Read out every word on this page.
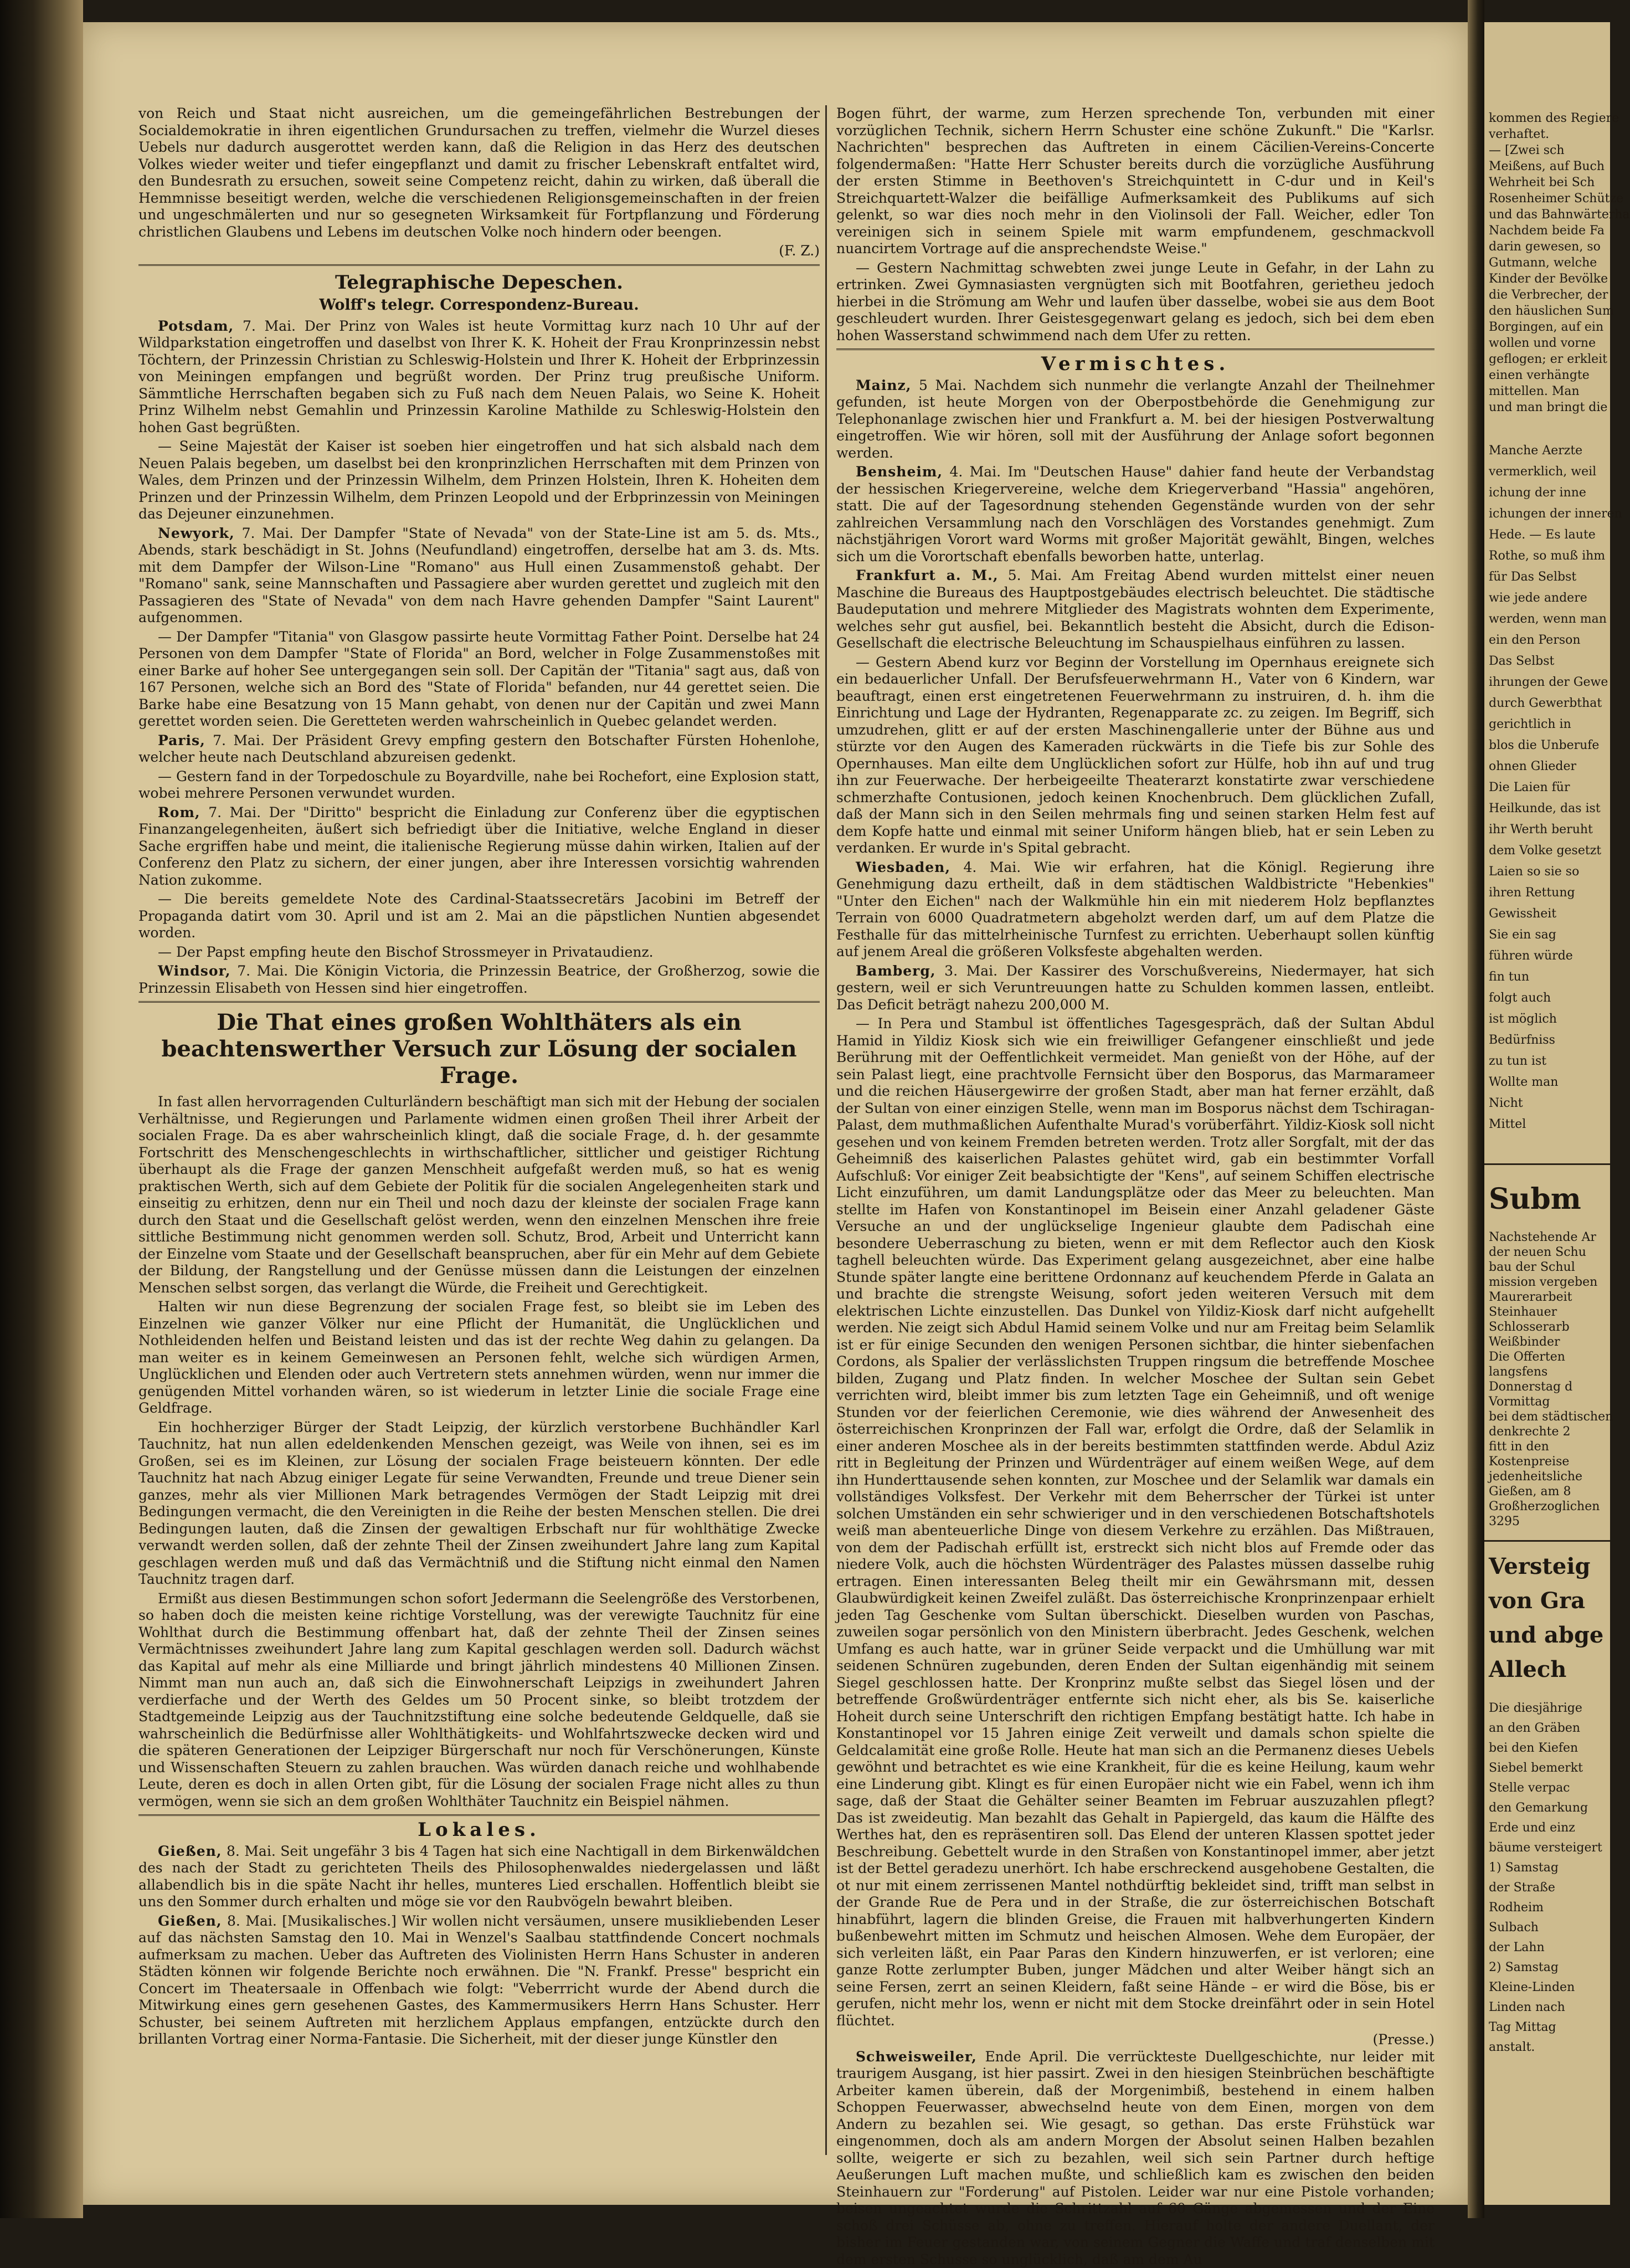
von Reich und Staat nicht ausreichen, um die gemeingefährlichen Bestrebungen der Socialdemokratie in ihren eigentlichen Grundursachen zu treffen, vielmehr die Wurzel dieses Uebels nur dadurch ausgerottet werden kann, daß die Religion in das Herz des deutschen Volkes wieder weiter und tiefer eingepflanzt und damit zu frischer Lebenskraft entfaltet wird, den Bundesrath zu ersuchen, soweit seine Competenz reicht, dahin zu wirken, daß überall die Hemmnisse beseitigt werden, welche die verschiedenen Religionsgemeinschaften in der freien und ungeschmälerten und nur so gesegneten Wirksamkeit für Fortpflanzung und Förderung christlichen Glaubens und Lebens im deutschen Volke noch hindern oder beengen.

(F. Z.)
Telegraphische Depeschen.
Wolff's telegr. Correspondenz-Bureau.

Potsdam, 7. Mai. Der Prinz von Wales ist heute Vormittag kurz nach 10 Uhr auf der Wildparkstation eingetroffen und daselbst von Ihrer K. K. Hoheit der Frau Kronprinzessin nebst Töchtern, der Prinzessin Christian zu Schleswig-Holstein und Ihrer K. Hoheit der Erbprinzessin von Meiningen empfangen und begrüßt worden. Der Prinz trug preußische Uniform. Sämmtliche Herrschaften begaben sich zu Fuß nach dem Neuen Palais, wo Seine K. Hoheit Prinz Wilhelm nebst Gemahlin und Prinzessin Karoline Mathilde zu Schleswig-Holstein den hohen Gast begrüßten.

— Seine Majestät der Kaiser ist soeben hier eingetroffen und hat sich alsbald nach dem Neuen Palais begeben, um daselbst bei den kronprinzlichen Herrschaften mit dem Prinzen von Wales, dem Prinzen und der Prinzessin Wilhelm, dem Prinzen Holstein, Ihren K. Hoheiten dem Prinzen und der Prinzessin Wilhelm, dem Prinzen Leopold und der Erbprinzessin von Meiningen das Dejeuner einzunehmen.

Newyork, 7. Mai. Der Dampfer "State of Nevada" von der State-Line ist am 5. ds. Mts., Abends, stark beschädigt in St. Johns (Neufundland) eingetroffen, derselbe hat am 3. ds. Mts. mit dem Dampfer der Wilson-Line "Romano" aus Hull einen Zusammenstoß gehabt. Der "Romano" sank, seine Mannschaften und Passagiere aber wurden gerettet und zugleich mit den Passagieren des "State of Nevada" von dem nach Havre gehenden Dampfer "Saint Laurent" aufgenommen.

— Der Dampfer "Titania" von Glasgow passirte heute Vormittag Father Point. Derselbe hat 24 Personen von dem Dampfer "State of Florida" an Bord, welcher in Folge Zusammenstoßes mit einer Barke auf hoher See untergegangen sein soll. Der Capitän der "Titania" sagt aus, daß von 167 Personen, welche sich an Bord des "State of Florida" befanden, nur 44 gerettet seien. Die Barke habe eine Besatzung von 15 Mann gehabt, von denen nur der Capitän und zwei Mann gerettet worden seien. Die Geretteten werden wahrscheinlich in Quebec gelandet werden.

Paris, 7. Mai. Der Präsident Grevy empfing gestern den Botschafter Fürsten Hohenlohe, welcher heute nach Deutschland abzureisen gedenkt.

— Gestern fand in der Torpedoschule zu Boyardville, nahe bei Rochefort, eine Explosion statt, wobei mehrere Personen verwundet wurden.

Rom, 7. Mai. Der "Diritto" bespricht die Einladung zur Conferenz über die egyptischen Finanzangelegenheiten, äußert sich befriedigt über die Initiative, welche England in dieser Sache ergriffen habe und meint, die italienische Regierung müsse dahin wirken, Italien auf der Conferenz den Platz zu sichern, der einer jungen, aber ihre Interessen vorsichtig wahrenden Nation zukomme.

— Die bereits gemeldete Note des Cardinal-Staatssecretärs Jacobini im Betreff der Propaganda datirt vom 30. April und ist am 2. Mai an die päpstlichen Nuntien abgesendet worden.

— Der Papst empfing heute den Bischof Strossmeyer in Privataudienz.

Windsor, 7. Mai. Die Königin Victoria, die Prinzessin Beatrice, der Großherzog, sowie die Prinzessin Elisabeth von Hessen sind hier eingetroffen.

Die That eines großen Wohlthäters als ein beachtenswerther Versuch zur Lösung der socialen Frage.

In fast allen hervorragenden Culturländern beschäftigt man sich mit der Hebung der socialen Verhältnisse, und Regierungen und Parlamente widmen einen großen Theil ihrer Arbeit der socialen Frage. Da es aber wahrscheinlich klingt, daß die sociale Frage, d. h. der gesammte Fortschritt des Menschengeschlechts in wirthschaftlicher, sittlicher und geistiger Richtung überhaupt als die Frage der ganzen Menschheit aufgefaßt werden muß, so hat es wenig praktischen Werth, sich auf dem Gebiete der Politik für die socialen Angelegenheiten stark und einseitig zu erhitzen, denn nur ein Theil und noch dazu der kleinste der socialen Frage kann durch den Staat und die Gesellschaft gelöst werden, wenn den einzelnen Menschen ihre freie sittliche Bestimmung nicht genommen werden soll. Schutz, Brod, Arbeit und Unterricht kann der Einzelne vom Staate und der Gesellschaft beanspruchen, aber für ein Mehr auf dem Gebiete der Bildung, der Rangstellung und der Genüsse müssen dann die Leistungen der einzelnen Menschen selbst sorgen, das verlangt die Würde, die Freiheit und Gerechtigkeit.

Halten wir nun diese Begrenzung der socialen Frage fest, so bleibt sie im Leben des Einzelnen wie ganzer Völker nur eine Pflicht der Humanität, die Unglücklichen und Nothleidenden helfen und Beistand leisten und das ist der rechte Weg dahin zu gelangen. Da man weiter es in keinem Gemeinwesen an Personen fehlt, welche sich würdigen Armen, Unglücklichen und Elenden oder auch Vertretern stets annehmen würden, wenn nur immer die genügenden Mittel vorhanden wären, so ist wiederum in letzter Linie die sociale Frage eine Geldfrage.

Ein hochherziger Bürger der Stadt Leipzig, der kürzlich verstorbene Buchhändler Karl Tauchnitz, hat nun allen edeldenkenden Menschen gezeigt, was Weile von ihnen, sei es im Großen, sei es im Kleinen, zur Lösung der socialen Frage beisteuern könnten. Der edle Tauchnitz hat nach Abzug einiger Legate für seine Verwandten, Freunde und treue Diener sein ganzes, mehr als vier Millionen Mark betragendes Vermögen der Stadt Leipzig mit drei Bedingungen vermacht, die den Vereinigten in die Reihe der besten Menschen stellen. Die drei Bedingungen lauten, daß die Zinsen der gewaltigen Erbschaft nur für wohlthätige Zwecke verwandt werden sollen, daß der zehnte Theil der Zinsen zweihundert Jahre lang zum Kapital geschlagen werden muß und daß das Vermächtniß und die Stiftung nicht einmal den Namen Tauchnitz tragen darf.

Ermißt aus diesen Bestimmungen schon sofort Jedermann die Seelengröße des Verstorbenen, so haben doch die meisten keine richtige Vorstellung, was der verewigte Tauchnitz für eine Wohlthat durch die Bestimmung offenbart hat, daß der zehnte Theil der Zinsen seines Vermächtnisses zweihundert Jahre lang zum Kapital geschlagen werden soll. Dadurch wächst das Kapital auf mehr als eine Milliarde und bringt jährlich mindestens 40 Millionen Zinsen. Nimmt man nun auch an, daß sich die Einwohnerschaft Leipzigs in zweihundert Jahren verdierfache und der Werth des Geldes um 50 Procent sinke, so bleibt trotzdem der Stadtgemeinde Leipzig aus der Tauchnitzstiftung eine solche bedeutende Geldquelle, daß sie wahrscheinlich die Bedürfnisse aller Wohlthätigkeits- und Wohlfahrtszwecke decken wird und die späteren Generationen der Leipziger Bürgerschaft nur noch für Verschönerungen, Künste und Wissenschaften Steuern zu zahlen brauchen. Was würden danach reiche und wohlhabende Leute, deren es doch in allen Orten gibt, für die Lösung der socialen Frage nicht alles zu thun vermögen, wenn sie sich an dem großen Wohlthäter Tauchnitz ein Beispiel nähmen.

Lokales.

Gießen, 8. Mai. Seit ungefähr 3 bis 4 Tagen hat sich eine Nachtigall in dem Birkenwäldchen des nach der Stadt zu gerichteten Theils des Philosophenwaldes niedergelassen und läßt allabendlich bis in die späte Nacht ihr helles, munteres Lied erschallen. Hoffentlich bleibt sie uns den Sommer durch erhalten und möge sie vor den Raubvögeln bewahrt bleiben.

Gießen, 8. Mai. [Musikalisches.] Wir wollen nicht versäumen, unsere musikliebenden Leser auf das nächsten Samstag den 10. Mai in Wenzel's Saalbau stattfindende Concert nochmals aufmerksam zu machen. Ueber das Auftreten des Violinisten Herrn Hans Schuster in anderen Städten können wir folgende Berichte noch erwähnen. Die "N. Frankf. Presse" bespricht ein Concert im Theatersaale in Offenbach wie folgt: "Veberrricht wurde der Abend durch die Mitwirkung eines gern gesehenen Gastes, des Kammermusikers Herrn Hans Schuster. Herr Schuster, bei seinem Auftreten mit herzlichem Applaus empfangen, entzückte durch den brillanten Vortrag einer Norma-Fantasie. Die Sicherheit, mit der dieser junge Künstler den

Bogen führt, der warme, zum Herzen sprechende Ton, verbunden mit einer vorzüglichen Technik, sichern Herrn Schuster eine schöne Zukunft." Die "Karlsr. Nachrichten" besprechen das Auftreten in einem Cäcilien-Vereins-Concerte folgendermaßen: "Hatte Herr Schuster bereits durch die vorzügliche Ausführung der ersten Stimme in Beethoven's Streichquintett in C-dur und in Keil's Streichquartett-Walzer die beifällige Aufmerksamkeit des Publikums auf sich gelenkt, so war dies noch mehr in den Violinsoli der Fall. Weicher, edler Ton vereinigen sich in seinem Spiele mit warm empfundenem, geschmackvoll nuancirtem Vortrage auf die ansprechendste Weise."

— Gestern Nachmittag schwebten zwei junge Leute in Gefahr, in der Lahn zu ertrinken. Zwei Gymnasiasten vergnügten sich mit Bootfahren, gerietheu jedoch hierbei in die Strömung am Wehr und laufen über dasselbe, wobei sie aus dem Boot geschleudert wurden. Ihrer Geistesgegenwart gelang es jedoch, sich bei dem eben hohen Wasserstand schwimmend nach dem Ufer zu retten.

Vermischtes.

Mainz, 5 Mai. Nachdem sich nunmehr die verlangte Anzahl der Theilnehmer gefunden, ist heute Morgen von der Oberpostbehörde die Genehmigung zur Telephonanlage zwischen hier und Frankfurt a. M. bei der hiesigen Postverwaltung eingetroffen. Wie wir hören, soll mit der Ausführung der Anlage sofort begonnen werden.

Bensheim, 4. Mai. Im "Deutschen Hause" dahier fand heute der Verbandstag der hessischen Kriegervereine, welche dem Kriegerverband "Hassia" angehören, statt. Die auf der Tagesordnung stehenden Gegenstände wurden von der sehr zahlreichen Versammlung nach den Vorschlägen des Vorstandes genehmigt. Zum nächstjährigen Vorort ward Worms mit großer Majorität gewählt, Bingen, welches sich um die Vorortschaft ebenfalls beworben hatte, unterlag.

Frankfurt a. M., 5. Mai. Am Freitag Abend wurden mittelst einer neuen Maschine die Bureaus des Hauptpostgebäudes electrisch beleuchtet. Die städtische Baudeputation und mehrere Mitglieder des Magistrats wohnten dem Experimente, welches sehr gut ausfiel, bei. Bekanntlich besteht die Absicht, durch die Edison-Gesellschaft die electrische Beleuchtung im Schauspielhaus einführen zu lassen.

— Gestern Abend kurz vor Beginn der Vorstellung im Opernhaus ereignete sich ein bedauerlicher Unfall. Der Berufsfeuerwehrmann H., Vater von 6 Kindern, war beauftragt, einen erst eingetretenen Feuerwehrmann zu instruiren, d. h. ihm die Einrichtung und Lage der Hydranten, Regenapparate zc. zu zeigen. Im Begriff, sich umzudrehen, glitt er auf der ersten Maschinengallerie unter der Bühne aus und stürzte vor den Augen des Kameraden rückwärts in die Tiefe bis zur Sohle des Opernhauses. Man eilte dem Unglücklichen sofort zur Hülfe, hob ihn auf und trug ihn zur Feuerwache. Der herbeigeeilte Theaterarzt konstatirte zwar verschiedene schmerzhafte Contusionen, jedoch keinen Knochenbruch. Dem glücklichen Zufall, daß der Mann sich in den Seilen mehrmals fing und seinen starken Helm fest auf dem Kopfe hatte und einmal mit seiner Uniform hängen blieb, hat er sein Leben zu verdanken. Er wurde in's Spital gebracht.

Wiesbaden, 4. Mai. Wie wir erfahren, hat die Königl. Regierung ihre Genehmigung dazu ertheilt, daß in dem städtischen Waldbistricte "Hebenkies" "Unter den Eichen" nach der Walkmühle hin ein mit niederem Holz bepflanztes Terrain von 6000 Quadratmetern abgeholzt werden darf, um auf dem Platze die Festhalle für das mittelrheinische Turnfest zu errichten. Ueberhaupt sollen künftig auf jenem Areal die größeren Volksfeste abgehalten werden.

Bamberg, 3. Mai. Der Kassirer des Vorschußvereins, Niedermayer, hat sich gestern, weil er sich Veruntreuungen hatte zu Schulden kommen lassen, entleibt. Das Deficit beträgt nahezu 200,000 M.

— In Pera und Stambul ist öffentliches Tagesgespräch, daß der Sultan Abdul Hamid in Yildiz Kiosk sich wie ein freiwilliger Gefangener einschließt und jede Berührung mit der Oeffentlichkeit vermeidet. Man genießt von der Höhe, auf der sein Palast liegt, eine prachtvolle Fernsicht über den Bosporus, das Marmarameer und die reichen Häusergewirre der großen Stadt, aber man hat ferner erzählt, daß der Sultan von einer einzigen Stelle, wenn man im Bosporus nächst dem Tschiragan-Palast, dem muthmaßlichen Aufenthalte Murad's vorüberfährt. Yildiz-Kiosk soll nicht gesehen und von keinem Fremden betreten werden. Trotz aller Sorgfalt, mit der das Geheimniß des kaiserlichen Palastes gehütet wird, gab ein bestimmter Vorfall Aufschluß: Vor einiger Zeit beabsichtigte der "Kens", auf seinem Schiffen electrische Licht einzuführen, um damit Landungsplätze oder das Meer zu beleuchten. Man stellte im Hafen von Konstantinopel im Beisein einer Anzahl geladener Gäste Versuche an und der unglückselige Ingenieur glaubte dem Padischah eine besondere Ueberraschung zu bieten, wenn er mit dem Reflector auch den Kiosk taghell beleuchten würde. Das Experiment gelang ausgezeichnet, aber eine halbe Stunde später langte eine berittene Ordonnanz auf keuchendem Pferde in Galata an und brachte die strengste Weisung, sofort jeden weiteren Versuch mit dem elektrischen Lichte einzustellen. Das Dunkel von Yildiz-Kiosk darf nicht aufgehellt werden. Nie zeigt sich Abdul Hamid seinem Volke und nur am Freitag beim Selamlik ist er für einige Secunden den wenigen Personen sichtbar, die hinter siebenfachen Cordons, als Spalier der verlässlichsten Truppen ringsum die betreffende Moschee bilden, Zugang und Platz finden. In welcher Moschee der Sultan sein Gebet verrichten wird, bleibt immer bis zum letzten Tage ein Geheimniß, und oft wenige Stunden vor der feierlichen Ceremonie, wie dies während der Anwesenheit des österreichischen Kronprinzen der Fall war, erfolgt die Ordre, daß der Selamlik in einer anderen Moschee als in der bereits bestimmten stattfinden werde. Abdul Aziz ritt in Begleitung der Prinzen und Würdenträger auf einem weißen Wege, auf dem ihn Hunderttausende sehen konnten, zur Moschee und der Selamlik war damals ein vollständiges Volksfest. Der Verkehr mit dem Beherrscher der Türkei ist unter solchen Umständen ein sehr schwieriger und in den verschiedenen Botschaftshotels weiß man abenteuerliche Dinge von diesem Verkehre zu erzählen. Das Mißtrauen, von dem der Padischah erfüllt ist, erstreckt sich nicht blos auf Fremde oder das niedere Volk, auch die höchsten Würdenträger des Palastes müssen dasselbe ruhig ertragen. Einen interessanten Beleg theilt mir ein Gewährsmann mit, dessen Glaubwürdigkeit keinen Zweifel zuläßt. Das österreichische Kronprinzenpaar erhielt jeden Tag Geschenke vom Sultan überschickt. Dieselben wurden von Paschas, zuweilen sogar persönlich von den Ministern überbracht. Jedes Geschenk, welchen Umfang es auch hatte, war in grüner Seide verpackt und die Umhüllung war mit seidenen Schnüren zugebunden, deren Enden der Sultan eigenhändig mit seinem Siegel geschlossen hatte. Der Kronprinz mußte selbst das Siegel lösen und der betreffende Großwürdenträger entfernte sich nicht eher, als bis Se. kaiserliche Hoheit durch seine Unterschrift den richtigen Empfang bestätigt hatte. Ich habe in Konstantinopel vor 15 Jahren einige Zeit verweilt und damals schon spielte die Geldcalamität eine große Rolle. Heute hat man sich an die Permanenz dieses Uebels gewöhnt und betrachtet es wie eine Krankheit, für die es keine Heilung, kaum wehr eine Linderung gibt. Klingt es für einen Europäer nicht wie ein Fabel, wenn ich ihm sage, daß der Staat die Gehälter seiner Beamten im Februar auszuzahlen pflegt? Das ist zweideutig. Man bezahlt das Gehalt in Papiergeld, das kaum die Hälfte des Werthes hat, den es repräsentiren soll. Das Elend der unteren Klassen spottet jeder Beschreibung. Gebettelt wurde in den Straßen von Konstantinopel immer, aber jetzt ist der Bettel geradezu unerhört. Ich habe erschreckend ausgehobene Gestalten, die ot nur mit einem zerrissenen Mantel nothdürftig bekleidet sind, trifft man selbst in der Grande Rue de Pera und in der Straße, die zur österreichischen Botschaft hinabführt, lagern die blinden Greise, die Frauen mit halbverhungerten Kindern bußenbewehrt mitten im Schmutz und heischen Almosen. Wehe dem Europäer, der sich verleiten läßt, ein Paar Paras den Kindern hinzuwerfen, er ist verloren; eine ganze Rotte zerlumpter Buben, junger Mädchen und alter Weiber hängt sich an seine Fersen, zerrt an seinen Kleidern, faßt seine Hände – er wird die Böse, bis er gerufen, nicht mehr los, wenn er nicht mit dem Stocke dreinfährt oder in sein Hotel flüchtet.

(Presse.)

Schweisweiler, Ende April. Die verrückteste Duellgeschichte, nur leider mit traurigem Ausgang, ist hier passirt. Zwei in den hiesigen Steinbrüchen beschäftigte Arbeiter kamen überein, daß der Morgenimbiß, bestehend in einem halben Schoppen Feuerwasser, abwechselnd heute von dem Einen, morgen von dem Andern zu bezahlen sei. Wie gesagt, so gethan. Das erste Frühstück war eingenommen, doch als am andern Morgen der Absolut seinen Halben bezahlen sollte, weigerte er sich zu bezahlen, weil sich sein Partner durch heftige Aeußerungen Luft machen mußte, und schließlich kam es zwischen den beiden Steinhauern zur "Forderung" auf Pistolen. Leider war nur eine Pistole vorhanden; beisen ungeachtet wurde die Schrittzahl auf 60 Gänge abgemessen und der Eine schoß drei Schüsse ab, ohne zu treffen. Hierauf holte der andere Duellant, der bisher im Feuer gestanden war, von seinem Gegner die Waffe und traf denselben mit dem ersten Schusse so unglücklich, daß am dem Au

kommen des Regiere
verhaftet.
— [Zwei sch
Meißens, auf Buch
Wehrheit bei Sch
Rosenheimer Schütze
und das Bahnwärterha
Nachdem beide Fa
darin gewesen, so
Gutmann, welche
Kinder der Bevölke
die Verbrecher, der
den häuslichen Sum
Borgingen, auf ein
wollen und vorne
geflogen; er erkleit
einen verhängte
mittellen. Man
und man bringt die
Manche Aerzte
vermerklich, weil
ichung der inne
ichungen der inneren
Hede. — Es laute
Rothe, so muß ihm
für Das Selbst
wie jede andere
werden, wenn man
ein den Person
Das Selbst
ihrungen der Gewe
durch Gewerbthat
gerichtlich in
blos die Unberufe
ohnen Glieder
Die Laien für
Heilkunde, das ist
ihr Werth beruht
dem Volke gesetzt
Laien so sie so
ihren Rettung
Gewissheit
Sie ein sag
führen würde
fin tun
folgt auch
ist möglich
Bedürfniss
zu tun ist
Wollte man
Nicht
Mittel
Subm
Nachstehende Ar
der neuen Schu
bau der Schul
mission vergeben
Maurerarbeit
Steinhauer
Schlosserarb
Weißbinder
Die Offerten
langsfens
Donnerstag d
Vormittag
bei dem städtischen
denkrechte 2
fitt in den
Kostenpreise
jedenheitsliche
Gießen, am 8
Großherzoglichen
3295
Versteig
von Gra
und abge
Allech
Die diesjährige
an den Gräben
bei den Kiefen
Siebel bemerkt
Stelle verpac
den Gemarkung
Erde und einz
bäume versteigert
1) Samstag
der Straße
Rodheim
Sulbach
der Lahn
2) Samstag
Kleine-Linden
Linden nach
Tag Mittag
anstalt.
